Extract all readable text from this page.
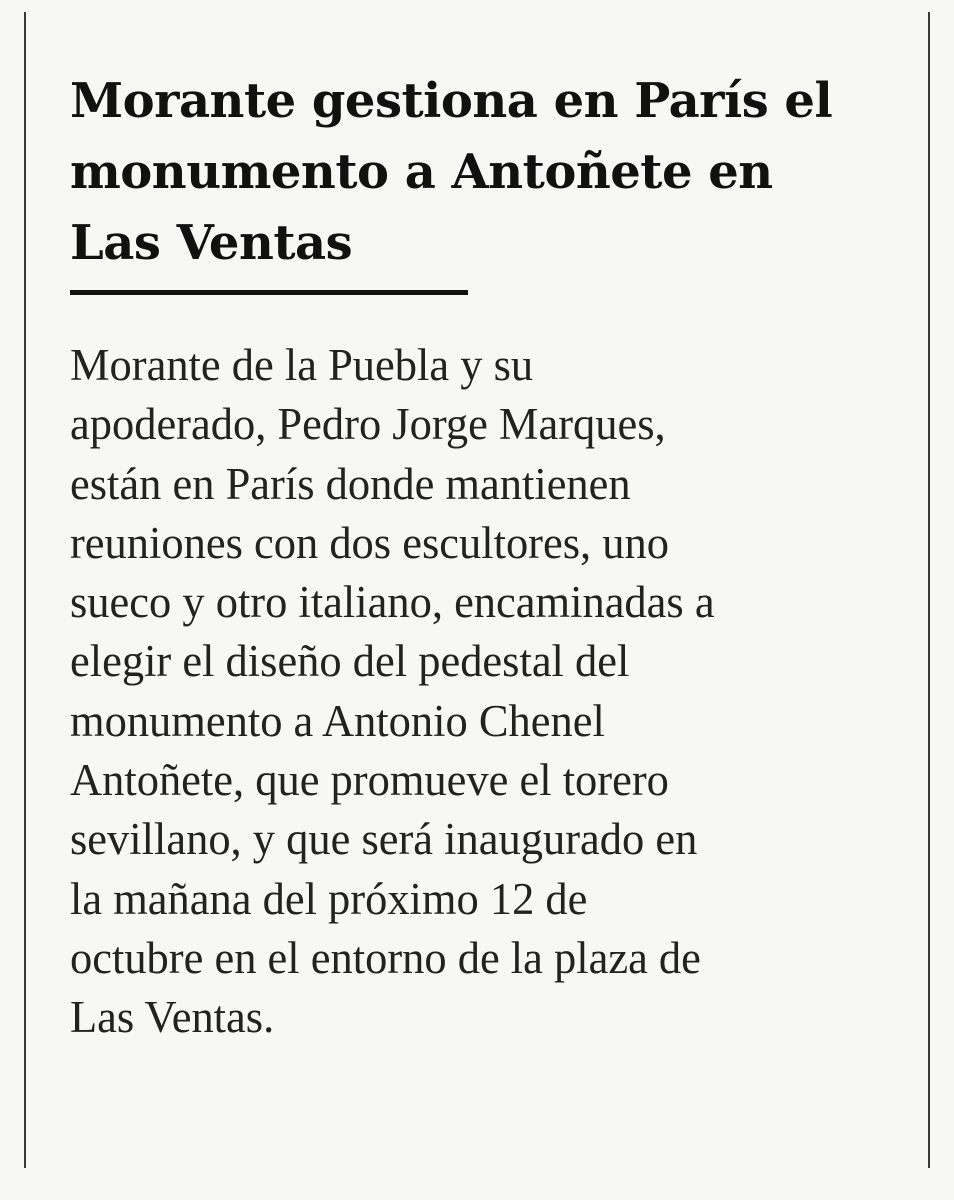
Morante gestiona en París el
monumento a Antoñete en
Las Ventas

Morante de la Puebla y su
apoderado, Pedro Jorge Marques,
están en París donde mantienen
reuniones con dos escultores, uno
sueco y otro italiano, encaminadas a
elegir el diseño del pedestal del
monumento a Antonio Chenel
Antoñete, que promueve el torero
sevillano, y que será inaugurado en
la mañana del próximo 12 de
octubre en el entorno de la plaza de
Las Ventas.
